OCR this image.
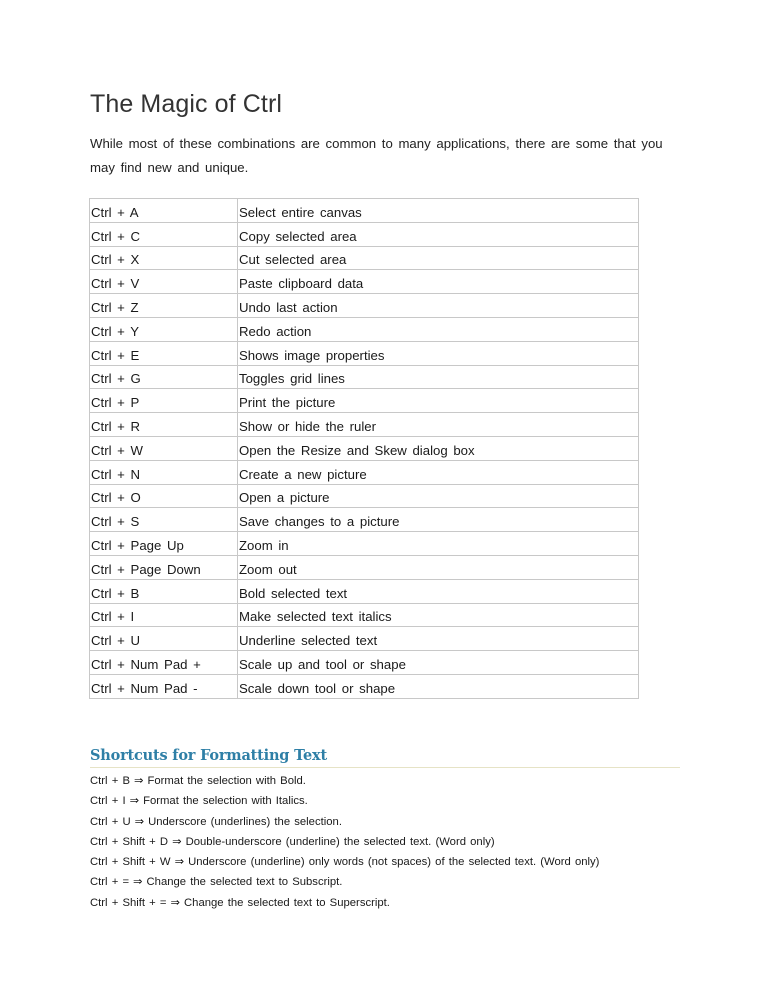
The Magic of Ctrl

While most of these combinations are common to many applications, there are some that you may find new and unique.

Ctrl + A	Select entire canvas
Ctrl + C	Copy selected area
Ctrl + X	Cut selected area
Ctrl + V	Paste clipboard data
Ctrl + Z	Undo last action
Ctrl + Y	Redo action
Ctrl + E	Shows image properties
Ctrl + G	Toggles grid lines
Ctrl + P	Print the picture
Ctrl + R	Show or hide the ruler
Ctrl + W	Open the Resize and Skew dialog box
Ctrl + N	Create a new picture
Ctrl + O	Open a picture
Ctrl + S	Save changes to a picture
Ctrl + Page Up	Zoom in
Ctrl + Page Down	Zoom out
Ctrl + B	Bold selected text
Ctrl + I	Make selected text italics
Ctrl + U	Underline selected text
Ctrl + Num Pad +	Scale up and tool or shape
Ctrl + Num Pad -	Scale down tool or shape
Shortcuts for Formatting Text
Ctrl + B ⇒ Format the selection with Bold.
Ctrl + I ⇒ Format the selection with Italics.
Ctrl + U ⇒ Underscore (underlines) the selection.
Ctrl + Shift + D ⇒ Double-underscore (underline) the selected text. (Word only)
Ctrl + Shift + W ⇒ Underscore (underline) only words (not spaces) of the selected text. (Word only)
Ctrl + = ⇒ Change the selected text to Subscript.
Ctrl + Shift + = ⇒ Change the selected text to Superscript.
